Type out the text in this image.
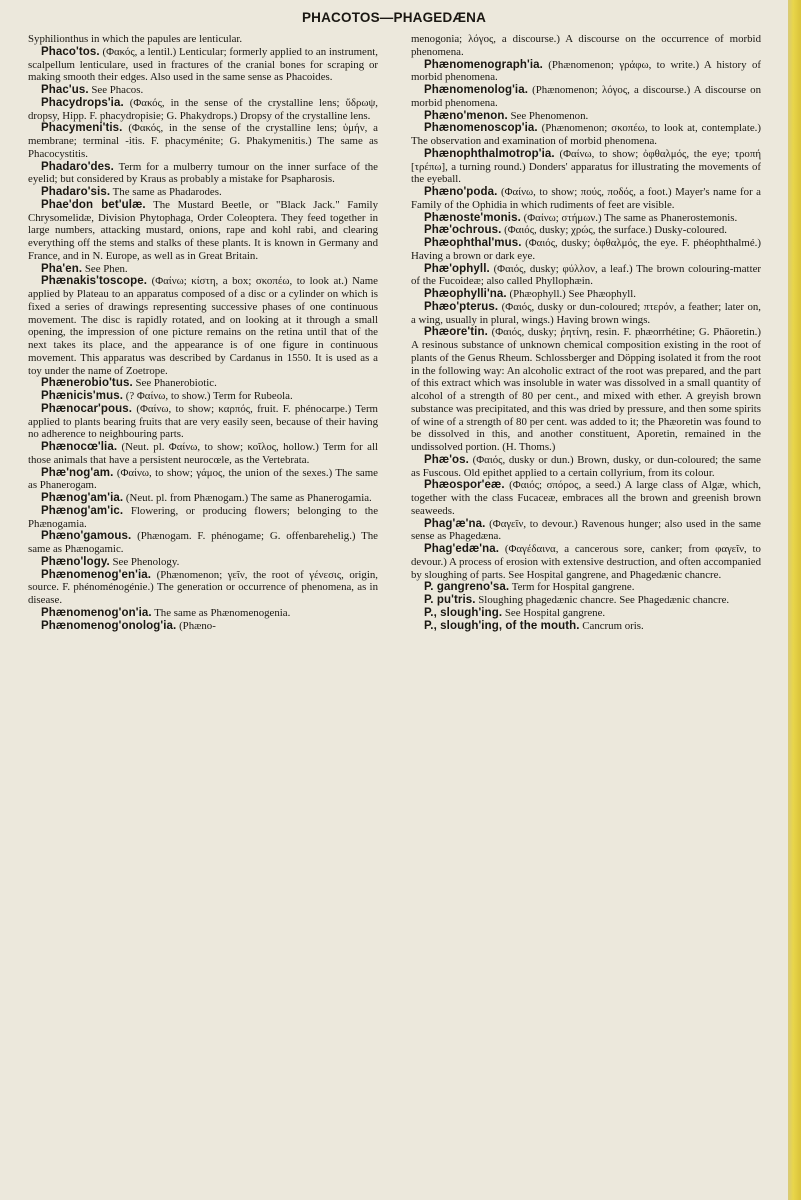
PHACOTOS—PHAGEDÆNA

Syphilionthus in which the papules are lenticular.

Phaco'tos. (Φακός, a lentil.) Lenticular; formerly applied to an instrument, scalpellum lenticulare, used in fractures of the cranial bones for scraping or making smooth their edges. Also used in the same sense as Phacoides.

Phac'us. See Phacos.

Phacydrops'ia. (Φακός, in the sense of the crystalline lens; ὕδρωψ, dropsy, Hipp. F. phacydropisie; G. Phakydrops.) Dropsy of the crystalline lens.

Phacymeni'tis. (Φακός, in the sense of the crystalline lens; ὑμήν, a membrane; terminal -itis. F. phacyménite; G. Phakymenitis.) The same as Phacocystitis.

Phadaro'des. Term for a mulberry tumour on the inner surface of the eyelid; but considered by Kraus as probably a mistake for Psapharosis.

Phadaro'sis. The same as Phadarodes.

Phae'don bet'ulæ. The Mustard Beetle, or "Black Jack." Family Chrysomelidæ, Division Phytophaga, Order Coleoptera. They feed together in large numbers, attacking mustard, onions, rape and kohl rabi, and clearing everything off the stems and stalks of these plants. It is known in Germany and France, and in N. Europe, as well as in Great Britain.

Pha'en. See Phen.

Phænakis'toscope. (Φαίνω; κίστη, a box; σκοπέω, to look at.) Name applied by Plateau to an apparatus composed of a disc or a cylinder on which is fixed a series of drawings representing successive phases of one continuous movement. The disc is rapidly rotated, and on looking at it through a small opening, the impression of one picture remains on the retina until that of the next takes its place, and the appearance is of one figure in continuous movement. This apparatus was described by Cardanus in 1550. It is used as a toy under the name of Zoetrope.

Phænerobio'tus. See Phanerobiotic.

Phænicis'mus. (? Φαίνω, to show.) Term for Rubeola.

Phænocar'pous. (Φαίνω, to show; καρπός, fruit. F. phénocarpe.) Term applied to plants bearing fruits that are very easily seen, because of their having no adherence to neighbouring parts.

Phænocœ'lia. (Neut. pl. Φαίνω, to show; κοῖλος, hollow.) Term for all those animals that have a persistent neurocœle, as the Vertebrata.

Phæ'nog'am. (Φαίνω, to show; γάμος, the union of the sexes.) The same as Phanerogam.

Phænog'am'ia. (Neut. pl. from Phænogam.) The same as Phanerogamia.

Phænog'am'ic. Flowering, or producing flowers; belonging to the Phænogamia.

Phæno'gamous. (Phænogam. F. phénogame; G. offenbarehelig.) The same as Phænogamic.

Phæno'logy. See Phenology.

Phænomenog'en'ia. (Phænomenon; γεῖν, the root of γένεσις, origin, source. F. phénoménogénie.) The generation or occurrence of phenomena, as in disease.

Phænomenog'on'ia. The same as Phænomenogenia.

Phænomenog'onolog'ia. (Phæno-

menogonia; λόγος, a discourse.) A discourse on the occurrence of morbid phenomena.

Phænomenograph'ia. (Phænomenon; γράφω, to write.) A history of morbid phenomena.

Phænomenolog'ia. (Phænomenon; λόγος, a discourse.) A discourse on morbid phenomena.

Phæno'menon. See Phenomenon.

Phænomenoscop'ia. (Phænomenon; σκοπέω, to look at, contemplate.) The observation and examination of morbid phenomena.

Phænophthalmotrop'ia. (Φαίνω, to show; ὀφθαλμός, the eye; τροπή [τρέπω], a turning round.) Donders' apparatus for illustrating the movements of the eyeball.

Phæno'poda. (Φαίνω, to show; πούς, ποδός, a foot.) Mayer's name for a Family of the Ophidia in which rudiments of feet are visible.

Phænoste'monis. (Φαίνω; στήμων.) The same as Phanerostemonis.

Phæ'ochrous. (Φαιός, dusky; χρώς, the surface.) Dusky-coloured.

Phæophthal'mus. (Φαιός, dusky; ὀφθαλμός, the eye. F. phéophthalmé.) Having a brown or dark eye.

Phæ'ophyll. (Φαιός, dusky; φύλλον, a leaf.) The brown colouring-matter of the Fucoideæ; also called Phyllophæin.

Phæophylli'na. (Phæophyll.) See Phæophyll.

Phæo'pterus. (Φαιός, dusky or dun-coloured; πτερόν, a feather; later on, a wing, usually in plural, wings.) Having brown wings.

Phæore'tin. (Φαιός, dusky; ῥητίνη, resin. F. phæorrhétine; G. Phäoretin.) A resinous substance of unknown chemical composition existing in the root of plants of the Genus Rheum. Schlossberger and Döpping isolated it from the root in the following way: An alcoholic extract of the root was prepared, and the part of this extract which was insoluble in water was dissolved in a small quantity of alcohol of a strength of 80 per cent., and mixed with ether. A greyish brown substance was precipitated, and this was dried by pressure, and then some spirits of wine of a strength of 80 per cent. was added to it; the Phæoretin was found to be dissolved in this, and another constituent, Aporetin, remained in the undissolved portion. (H. Thoms.)

Phæ'os. (Φαιός, dusky or dun.) Brown, dusky, or dun-coloured; the same as Fuscous. Old epithet applied to a certain collyrium, from its colour.

Phæospor'eæ. (Φαιός; σπόρος, a seed.) A large class of Algæ, which, together with the class Fucaceæ, embraces all the brown and greenish brown seaweeds.

Phag'æ'na. (Φαγεῖν, to devour.) Ravenous hunger; also used in the same sense as Phagedæna.

Phag'edæ'na. (Φαγέδαινα, a cancerous sore, canker; from φαγεῖν, to devour.) A process of erosion with extensive destruction, and often accompanied by sloughing of parts. See Hospital gangrene, and Phagedænic chancre.

P. gangreno'sa. Term for Hospital gangrene.

P. pu'tris. Sloughing phagedænic chancre. See Phagedænic chancre.

P., slough'ing. See Hospital gangrene.

P., slough'ing, of the mouth. Cancrum oris.
